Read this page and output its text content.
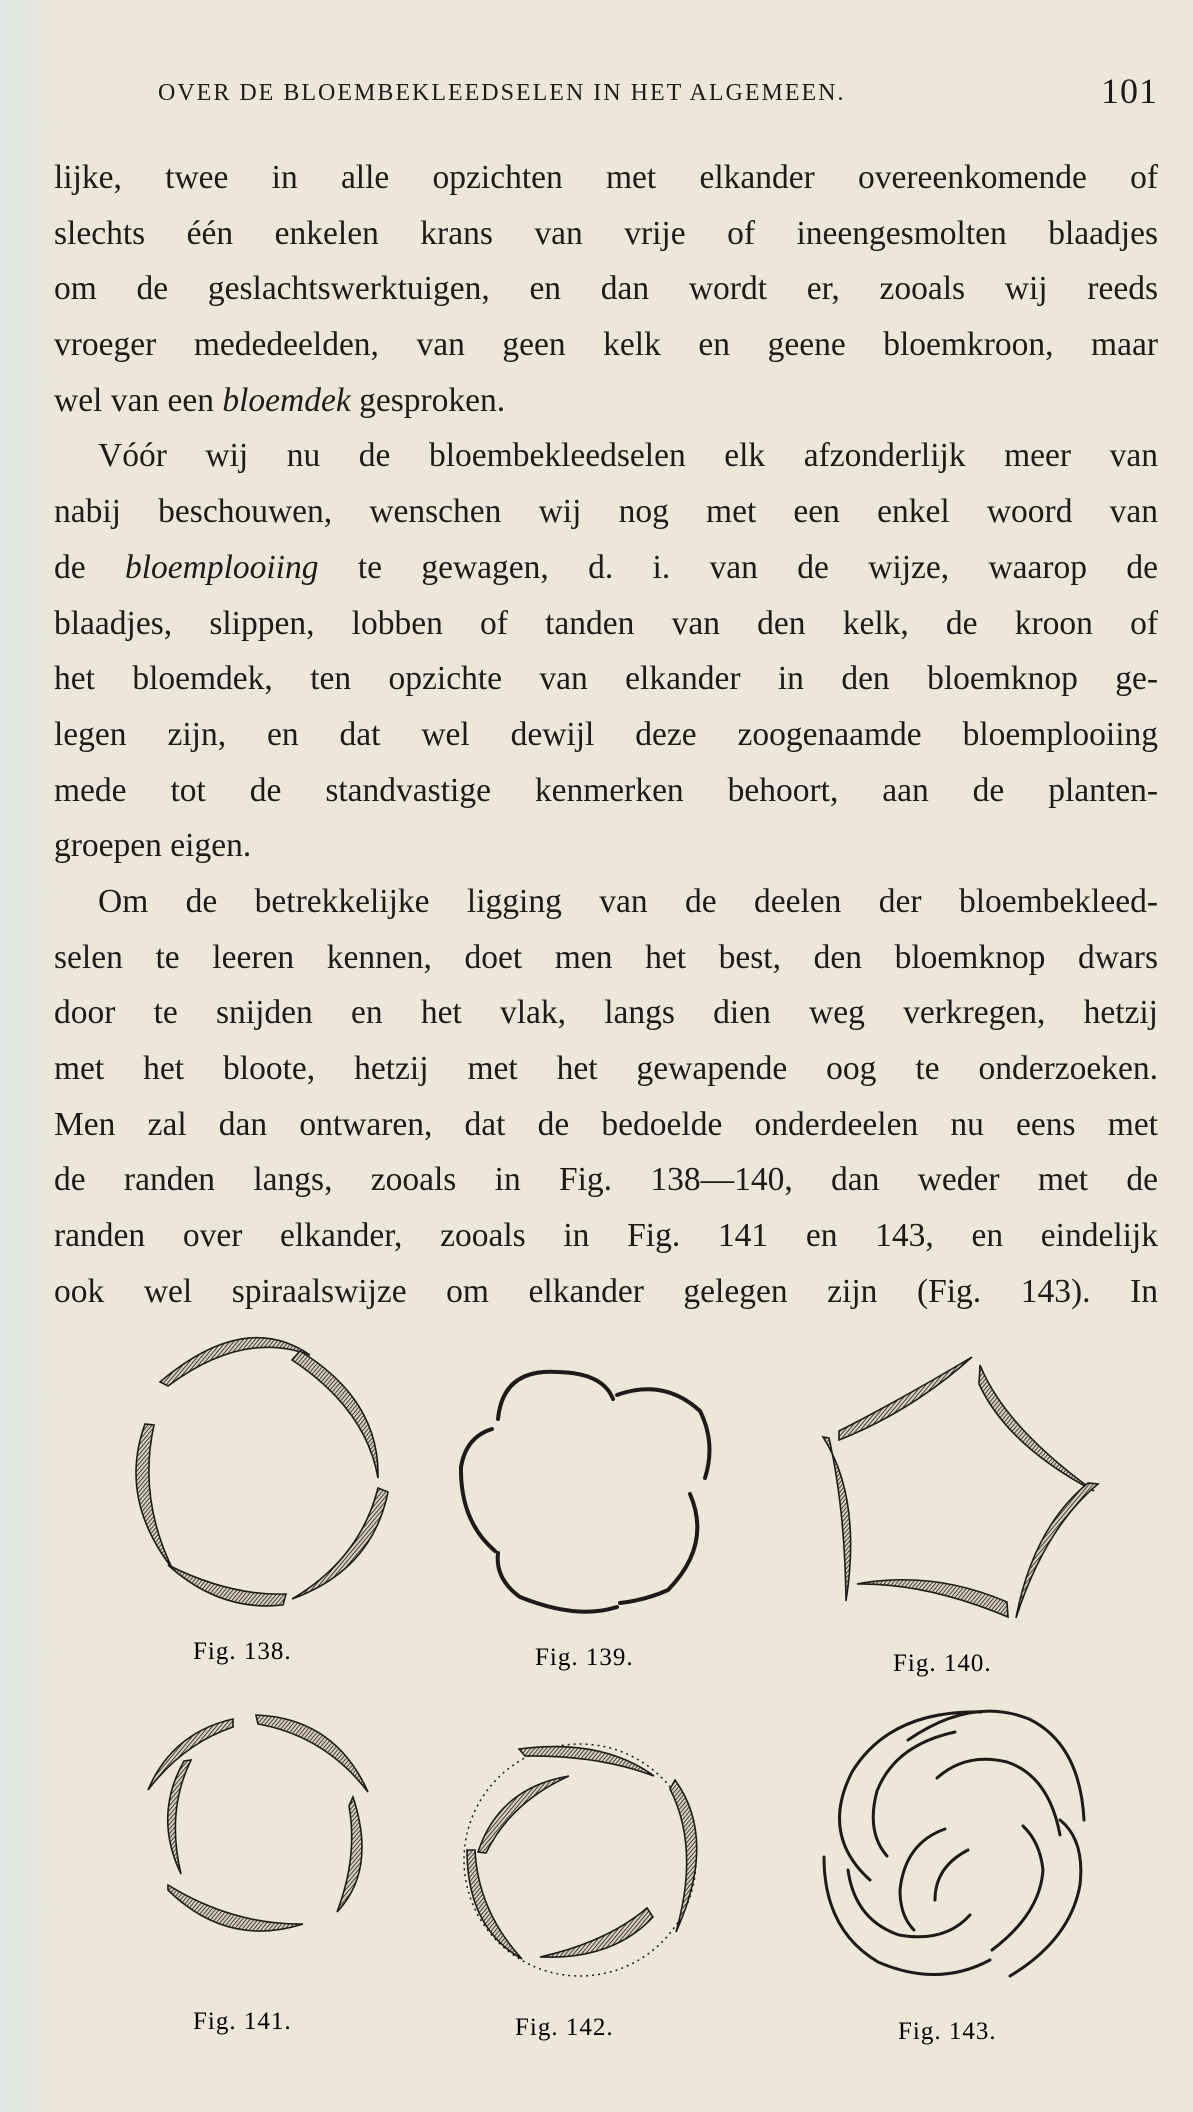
OVER DE BLOEMBEKLEEDSELEN IN HET ALGEMEEN.	101
lijke, twee in alle opzichten met elkander overeenkomende of
slechts één enkelen krans van vrije of ineengesmolten blaadjes
om de geslachtswerktuigen, en dan wordt er, zooals wij reeds
vroeger mededeelden, van geen kelk en geene bloemkroon, maar
wel van een bloemdek gesproken.
Vóór wij nu de bloembekleedselen elk afzonderlijk meer van
nabij beschouwen, wenschen wij nog met een enkel woord van
de bloemplooiing te gewagen, d. i. van de wijze, waarop de
blaadjes, slippen, lobben of tanden van den kelk, de kroon of
het bloemdek, ten opzichte van elkander in den bloemknop ge-
legen zijn, en dat wel dewijl deze zoogenaamde bloemplooiing
mede tot de standvastige kenmerken behoort, aan de planten-
groepen eigen.
Om de betrekkelijke ligging van de deelen der bloembekleed-
selen te leeren kennen, doet men het best, den bloemknop dwars
door te snijden en het vlak, langs dien weg verkregen, hetzij
met het bloote, hetzij met het gewapende oog te onderzoeken.
Men zal dan ontwaren, dat de bedoelde onderdeelen nu eens met
de randen langs, zooals in Fig. 138—140, dan weder met de
randen over elkander, zooals in Fig. 141 en 143, en eindelijk
ook wel spiraalswijze om elkander gelegen zijn (Fig. 143). In
Fig. 138.	Fig. 139.	Fig. 140.
Fig. 141.	Fig. 142.	Fig. 143.
